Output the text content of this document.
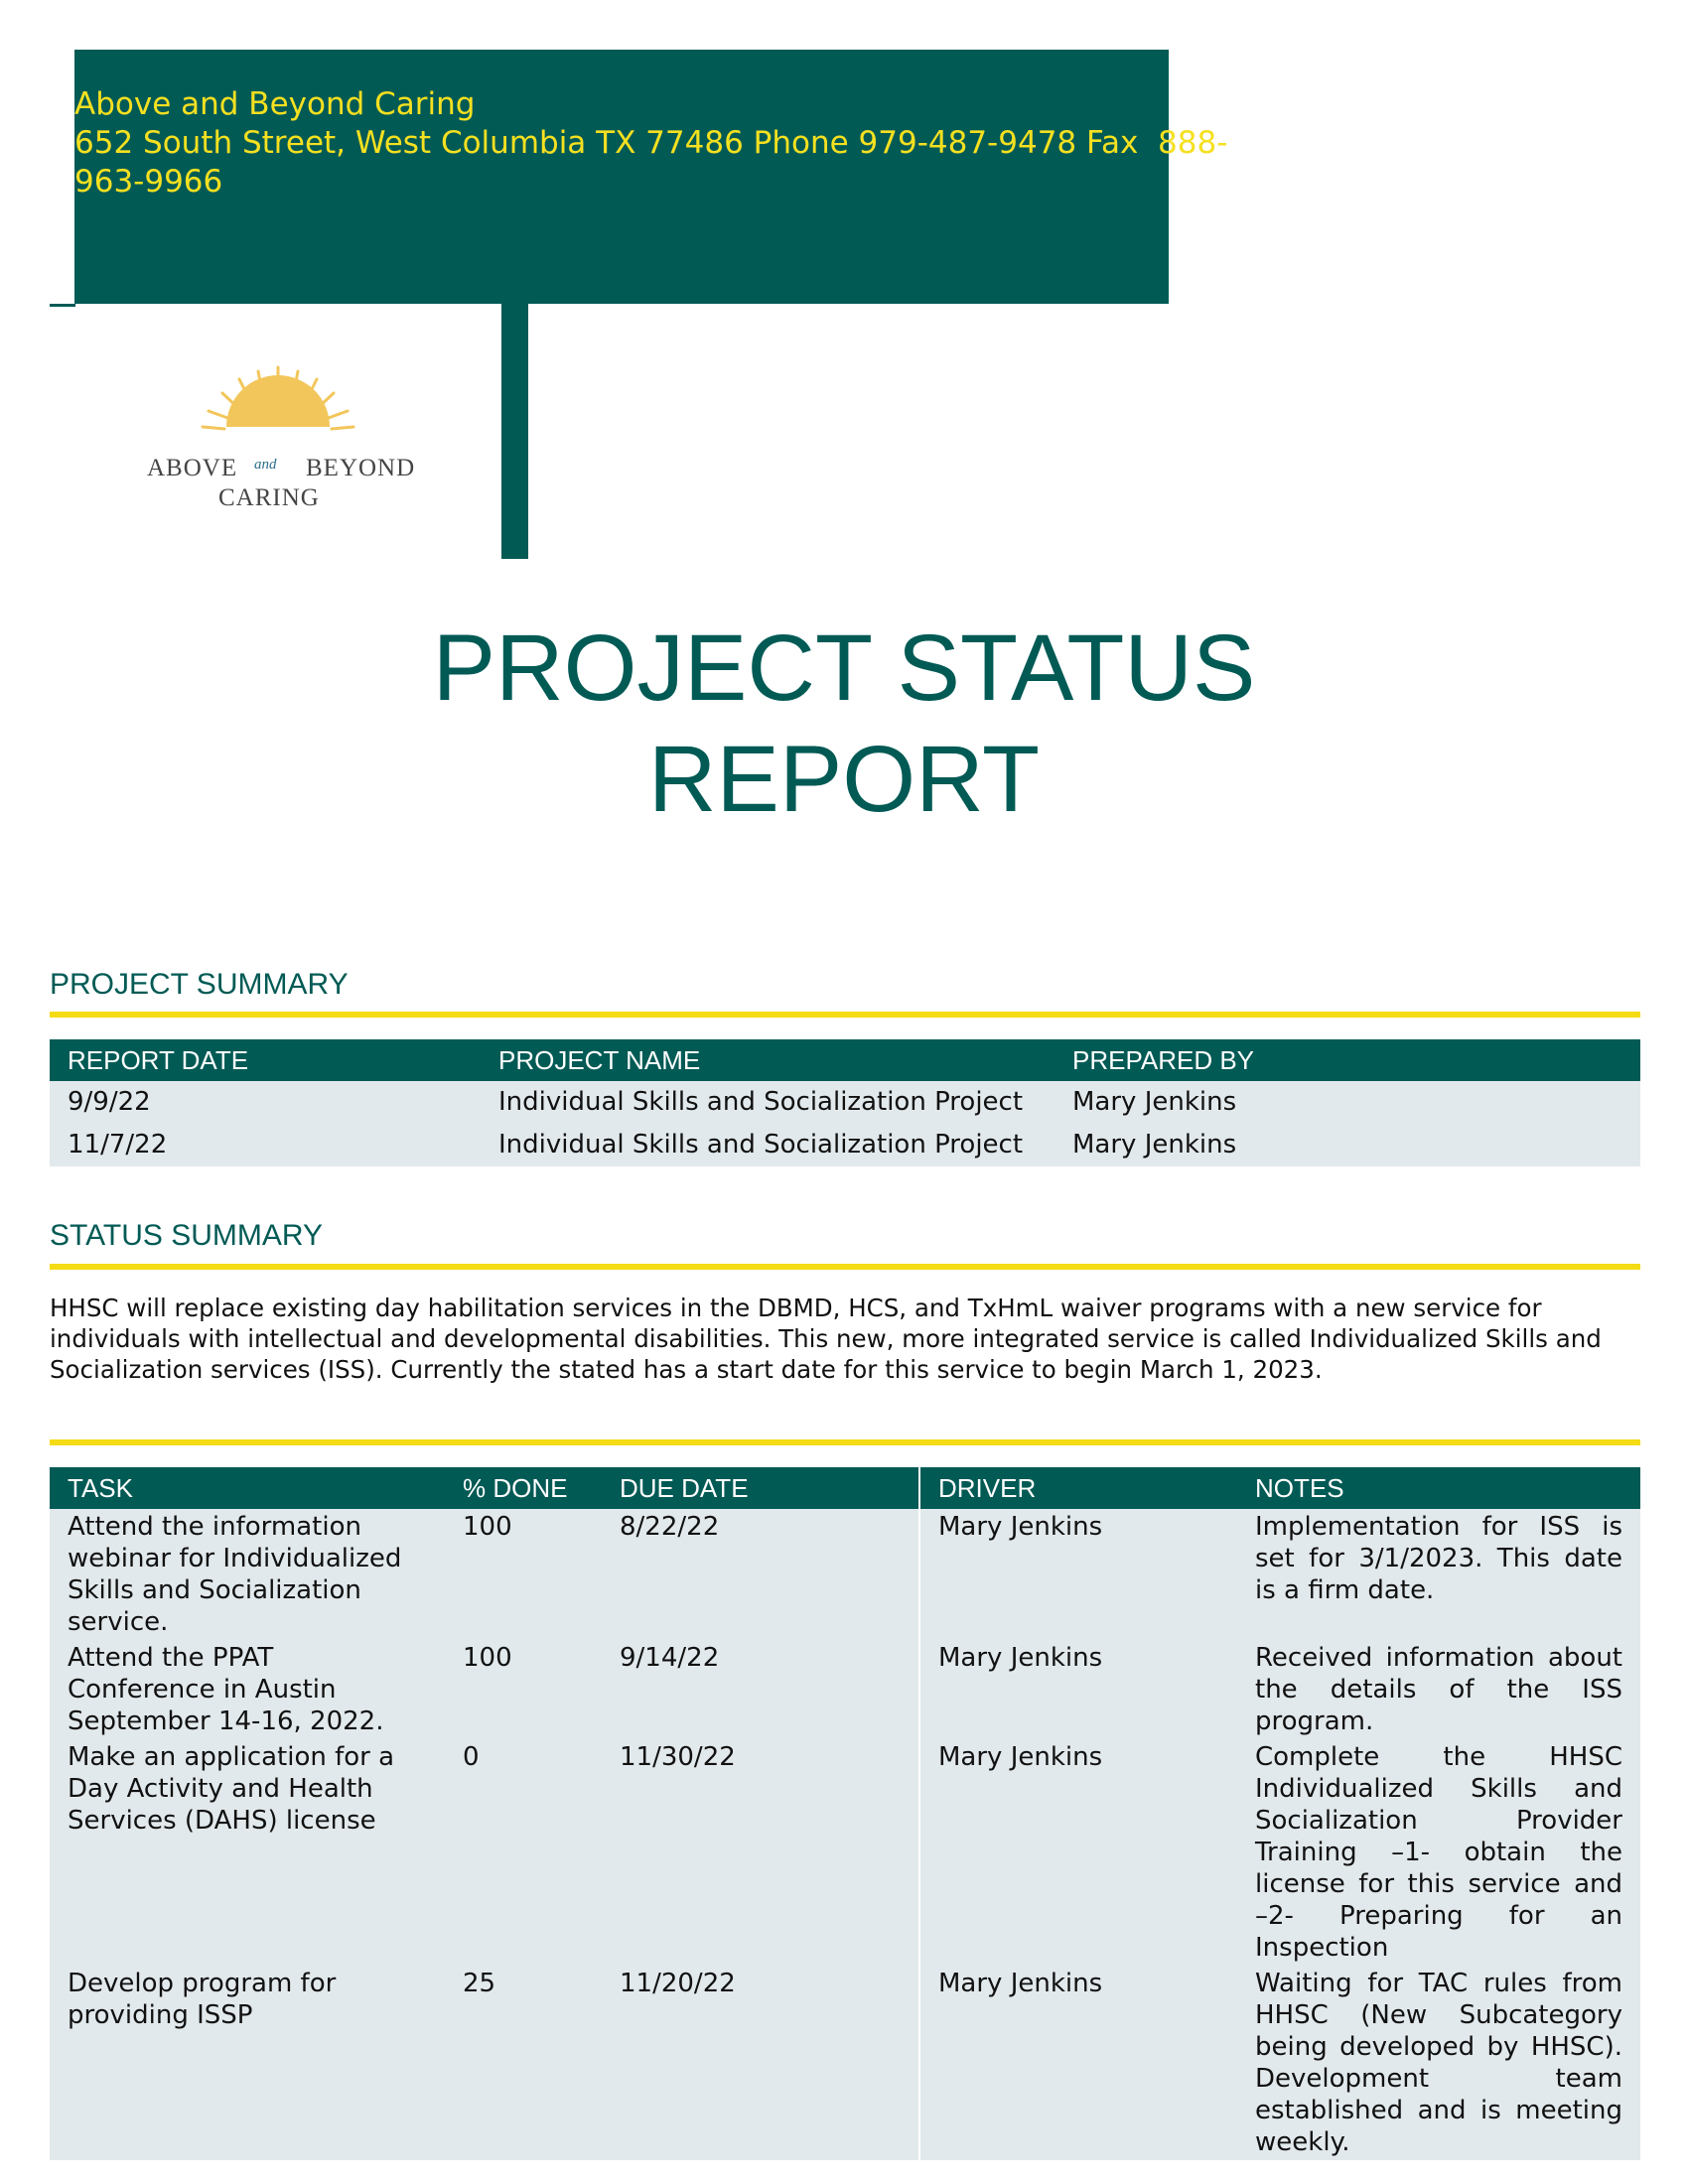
Above and Beyond Caring
652 South Street, West Columbia TX 77486 Phone 979-487-9478 Fax  888-
963-9966
ABOVE and BEYOND
CARING
PROJECT STATUS
REPORT
PROJECT SUMMARY
REPORT DATE	PROJECT NAME	PREPARED BY
9/9/22	Individual Skills and Socialization Project	Mary Jenkins
11/7/22	Individual Skills and Socialization Project	Mary Jenkins
STATUS SUMMARY
HHSC will replace existing day habilitation services in the DBMD, HCS, and TxHmL waiver programs with a new service for individuals with intellectual and developmental disabilities. This new, more integrated service is called Individualized Skills and Socialization services (ISS). Currently the stated has a start date for this service to begin March 1, 2023.
TASK	% DONE	DUE DATE	DRIVER	NOTES
Attend the information webinar for Individualized Skills and Socialization service.	100	8/22/22	Mary Jenkins	Implementation for ISS is set for 3/1/2023. This date is a firm date.
Attend the PPAT Conference in Austin September 14-16, 2022.	100	9/14/22	Mary Jenkins	Received information about the details of the ISS program.
Make an application for a Day Activity and Health Services (DAHS) license	0	11/30/22	Mary Jenkins	Complete the HHSC Individualized Skills and Socialization Provider Training –1- obtain the license for this service and –2- Preparing for an Inspection
Develop program for providing ISSP	25	11/20/22	Mary Jenkins	Waiting for TAC rules from HHSC (New Subcategory being developed by HHSC). Development team established and is meeting weekly.
